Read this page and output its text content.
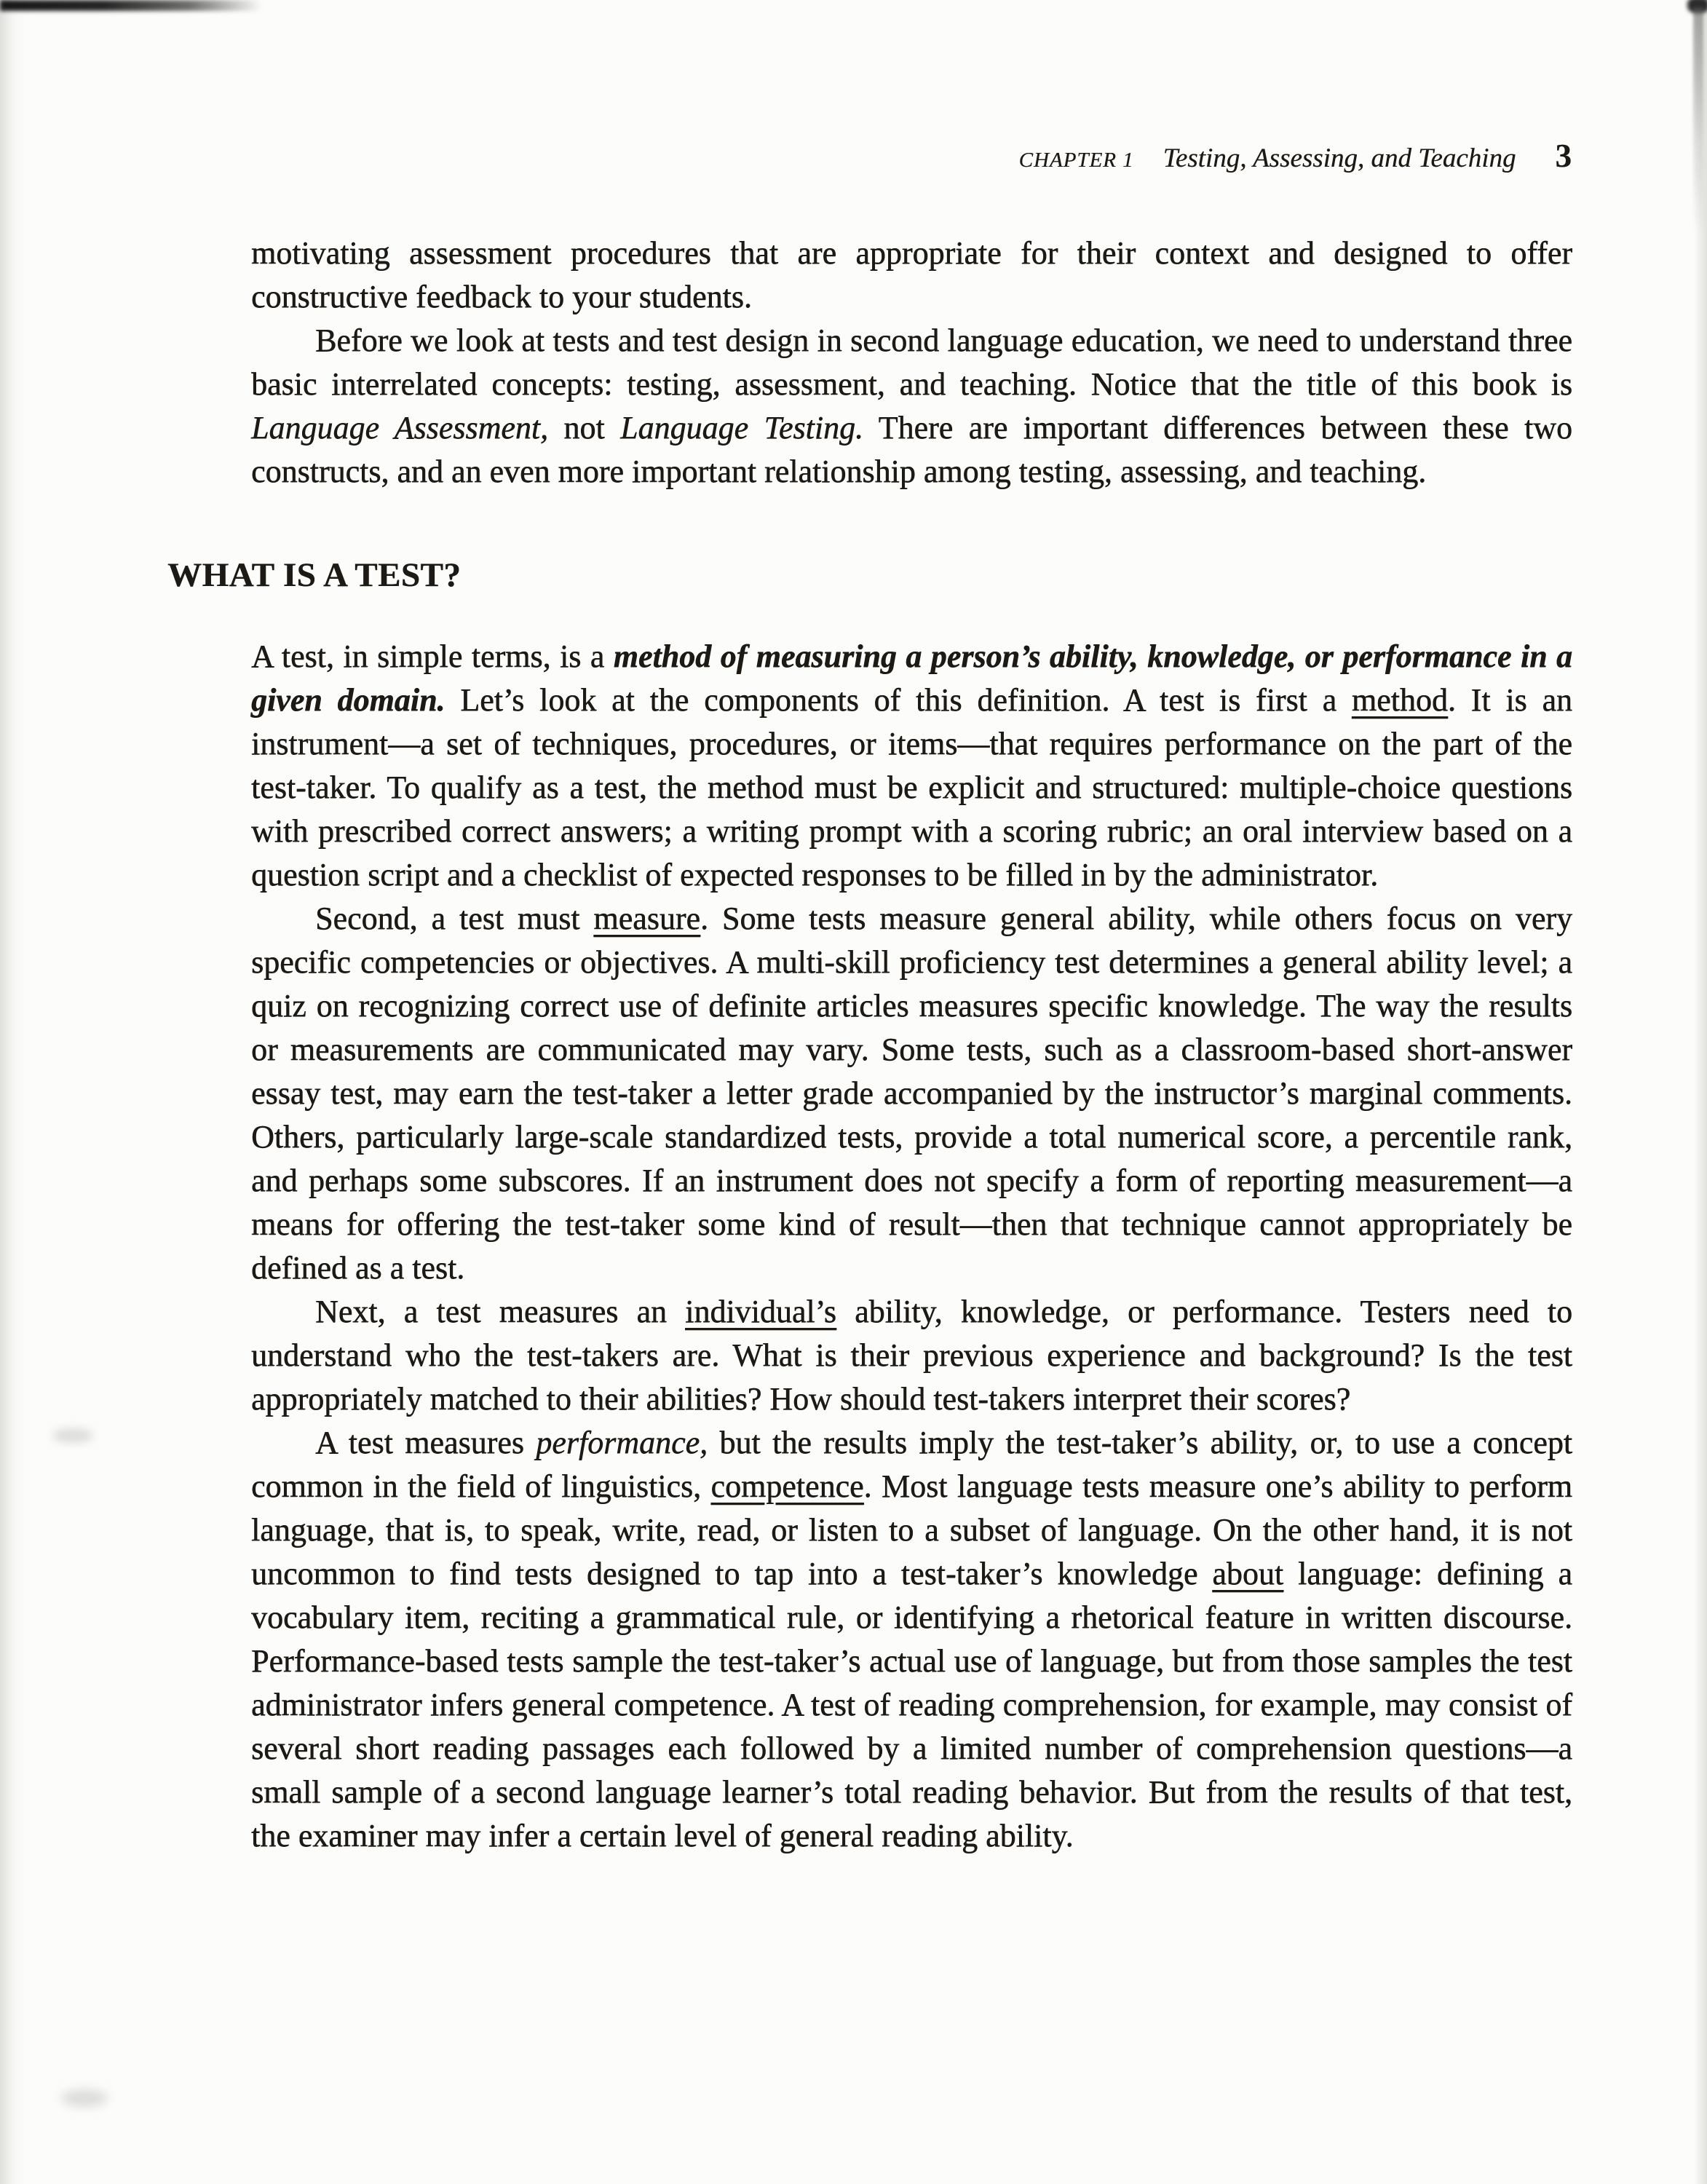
CHAPTER 1 Testing, Assessing, and Teaching 3

motivating assessment procedures that are appropriate for their context and designed to offer constructive feedback to your students.

Before we look at tests and test design in second language education, we need to understand three basic interrelated concepts: testing, assessment, and teaching. Notice that the title of this book is Language Assessment, not Language Testing. There are important differences between these two constructs, and an even more important relationship among testing, assessing, and teaching.

WHAT IS A TEST?

A test, in simple terms, is a method of measuring a person’s ability, knowledge, or performance in a given domain. Let’s look at the components of this definition. A test is first a method. It is an instrument—a set of techniques, procedures, or items—that requires performance on the part of the test-taker. To qualify as a test, the method must be explicit and structured: multiple-choice questions with prescribed correct answers; a writing prompt with a scoring rubric; an oral interview based on a question script and a checklist of expected responses to be filled in by the administrator.

Second, a test must measure. Some tests measure general ability, while others focus on very specific competencies or objectives. A multi-skill proficiency test determines a general ability level; a quiz on recognizing correct use of definite articles measures specific knowledge. The way the results or measurements are communicated may vary. Some tests, such as a classroom-based short-answer essay test, may earn the test-taker a letter grade accompanied by the instructor’s marginal comments. Others, particularly large-scale standardized tests, provide a total numerical score, a percentile rank, and perhaps some subscores. If an instrument does not specify a form of reporting measurement—a means for offering the test-taker some kind of result—then that technique cannot appropriately be defined as a test.

Next, a test measures an individual’s ability, knowledge, or performance. Testers need to understand who the test-takers are. What is their previous experience and background? Is the test appropriately matched to their abilities? How should test-takers interpret their scores?

A test measures performance, but the results imply the test-taker’s ability, or, to use a concept common in the field of linguistics, competence. Most language tests measure one’s ability to perform language, that is, to speak, write, read, or listen to a subset of language. On the other hand, it is not uncommon to find tests designed to tap into a test-taker’s knowledge about language: defining a vocabulary item, reciting a grammatical rule, or identifying a rhetorical feature in written discourse. Performance-based tests sample the test-taker’s actual use of language, but from those samples the test administrator infers general competence. A test of reading comprehension, for example, may consist of several short reading passages each followed by a limited number of comprehension questions—a small sample of a second language learner’s total reading behavior. But from the results of that test, the examiner may infer a certain level of general reading ability.
